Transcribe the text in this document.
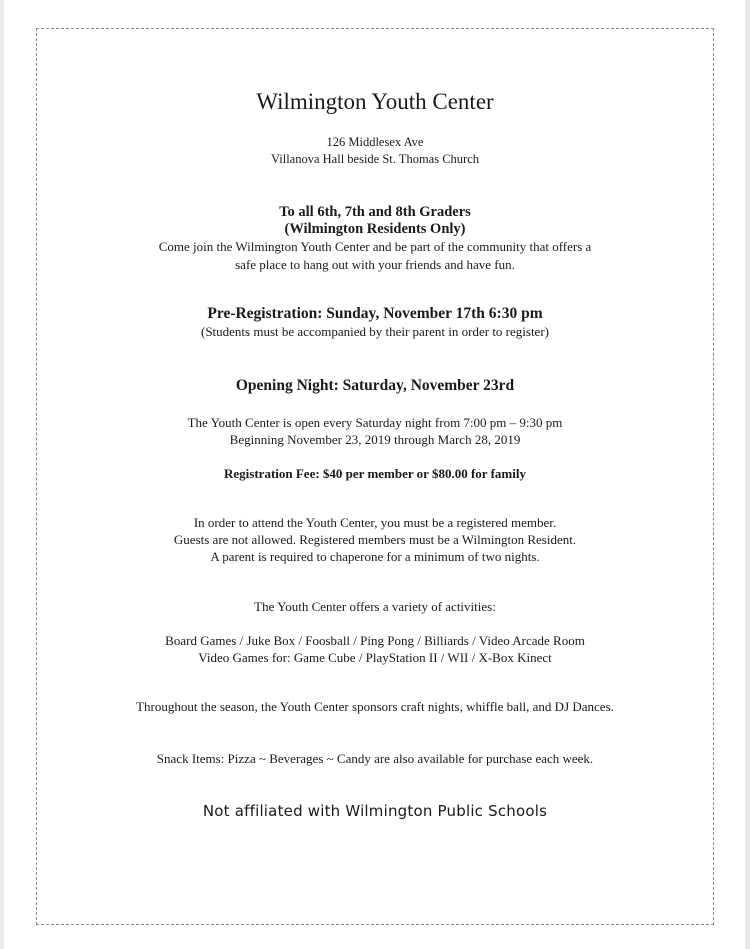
Wilmington Youth Center
126 Middlesex Ave
Villanova Hall beside St. Thomas Church
To all 6th, 7th and 8th Graders
(Wilmington Residents Only)
Come join the Wilmington Youth Center and be part of the community that offers a
safe place to hang out with your friends and have fun.
Pre-Registration: Sunday, November 17th 6:30 pm
(Students must be accompanied by their parent in order to register)
Opening Night: Saturday, November 23rd
The Youth Center is open every Saturday night from 7:00 pm – 9:30 pm
Beginning November 23, 2019 through March 28, 2019
Registration Fee: $40 per member or $80.00 for family
In order to attend the Youth Center, you must be a registered member.
Guests are not allowed. Registered members must be a Wilmington Resident.
A parent is required to chaperone for a minimum of two nights.
The Youth Center offers a variety of activities:
Board Games / Juke Box / Foosball / Ping Pong / Billiards / Video Arcade Room
Video Games for: Game Cube / PlayStation II / WII / X-Box Kinect
Throughout the season, the Youth Center sponsors craft nights, whiffle ball, and DJ Dances.
Snack Items: Pizza ~ Beverages ~ Candy are also available for purchase each week.
Not affiliated with Wilmington Public Schools
